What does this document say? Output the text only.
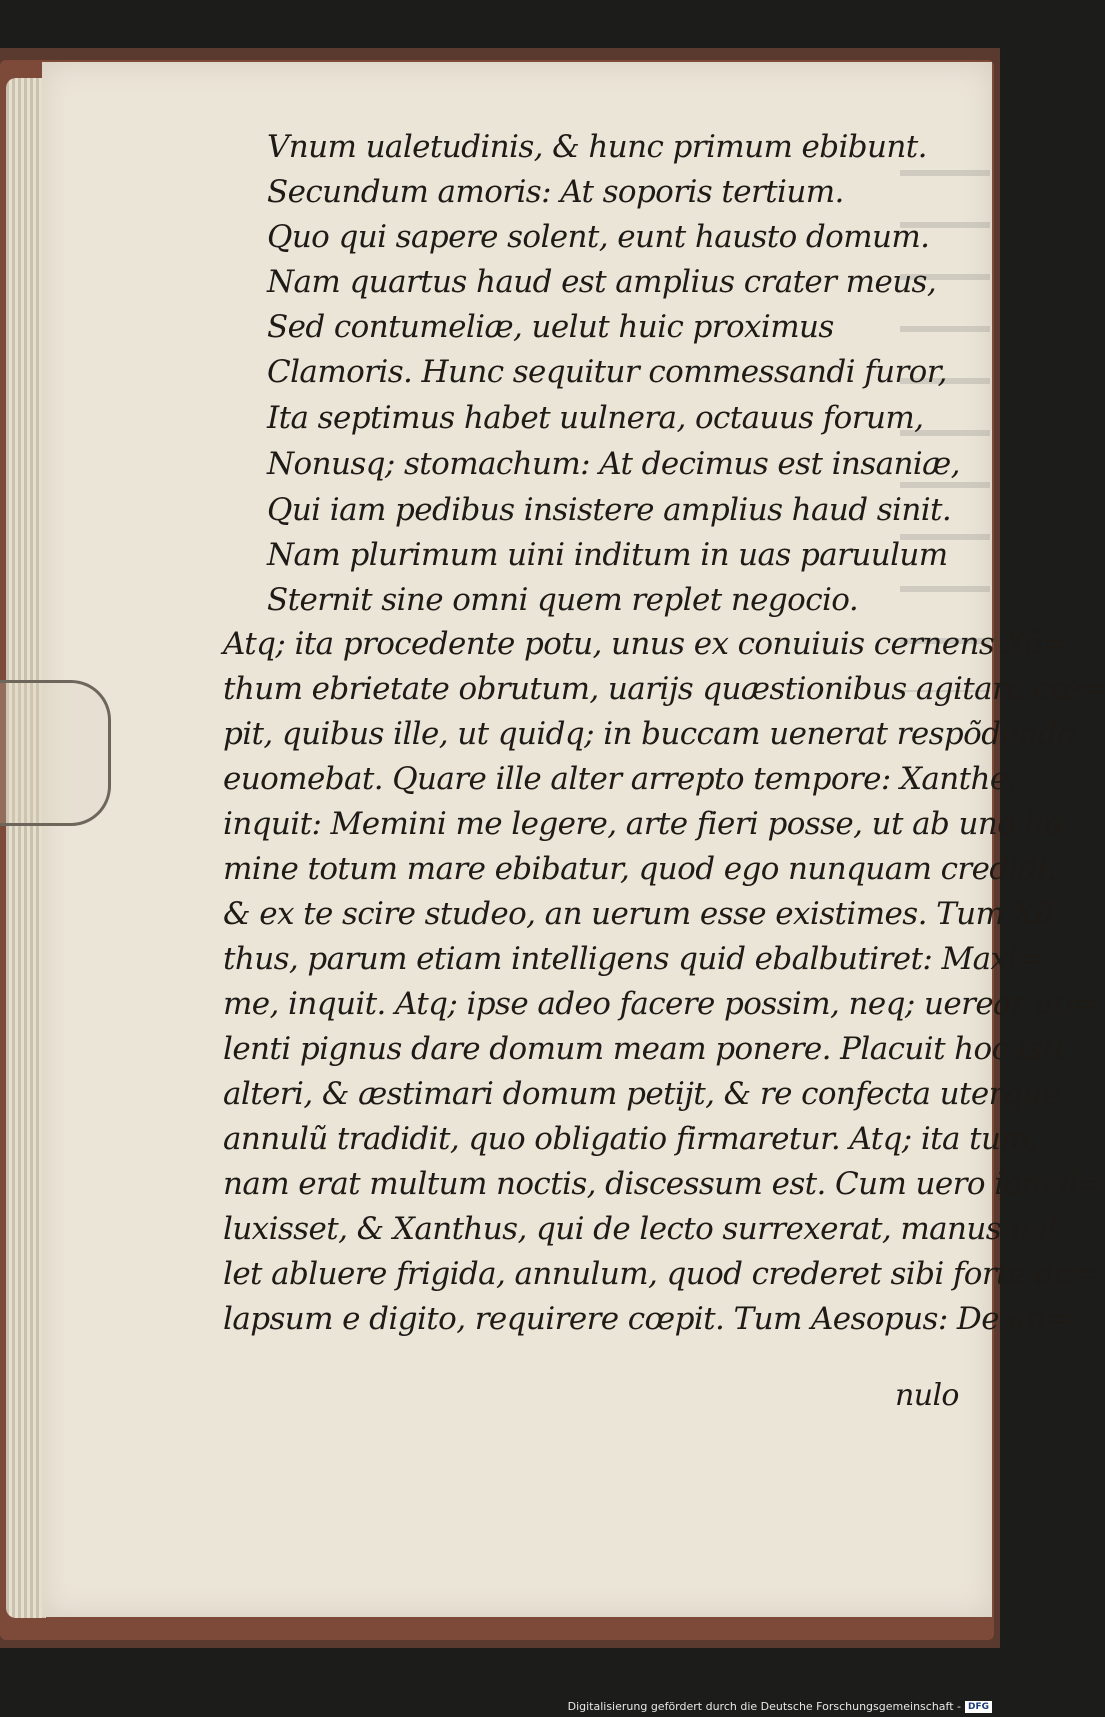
Vnum ualetudinis, & hunc primum ebibunt.
Secundum amoris: At soporis tertium.
Quo qui sapere solent, eunt hausto domum.
Nam quartus haud est amplius crater meus,
Sed contumeliæ, uelut huic proximus
Clamoris. Hunc sequitur commessandi furor,
Ita septimus habet uulnera, octauus forum,
Nonusq; stomachum: At decimus est insaniæ,
Qui iam pedibus insistere amplius haud sinit.
Nam plurimum uini inditum in uas paruulum
Sternit sine omni quem replet negocio.
Atq; ita procedente potu, unus ex conuiuis cernens Xã=
thum ebrietate obrutum, uarijs quæstionibus agitare cœ=
pit, quibus ille, ut quidq; in buccam uenerat respõdendo
euomebat. Quare ille alter arrepto tempore: Xanthe,
inquit: Memini me legere, arte fieri posse, ut ab uno ho
mine totum mare ebibatur, quod ego nunquam credidi,
& ex te scire studeo, an uerum esse existimes. Tum Xã
thus, parum etiam intelligens quid ebalbutiret: Maxi=
me, inquit. Atq; ipse adeo facere possim, neq; uerear uo=
lenti pignus dare domum meam ponere. Placuit hoc isti
alteri, & æstimari domum petijt, & re confecta uterque
annulũ tradidit, quo obligatio firmaretur. Atq; ita tum,
nam erat multum noctis, discessum est. Cum uero iam il=
luxisset, & Xanthus, qui de lecto surrexerat, manus uel
let abluere frigida, annulum, quod crederet sibi forte de=
lapsum e digito, requirere cœpit. Tum Aesopus: De an=
nulo
Digitalisierung gefördert durch die Deutsche Forschungsgemeinschaft - DFG
